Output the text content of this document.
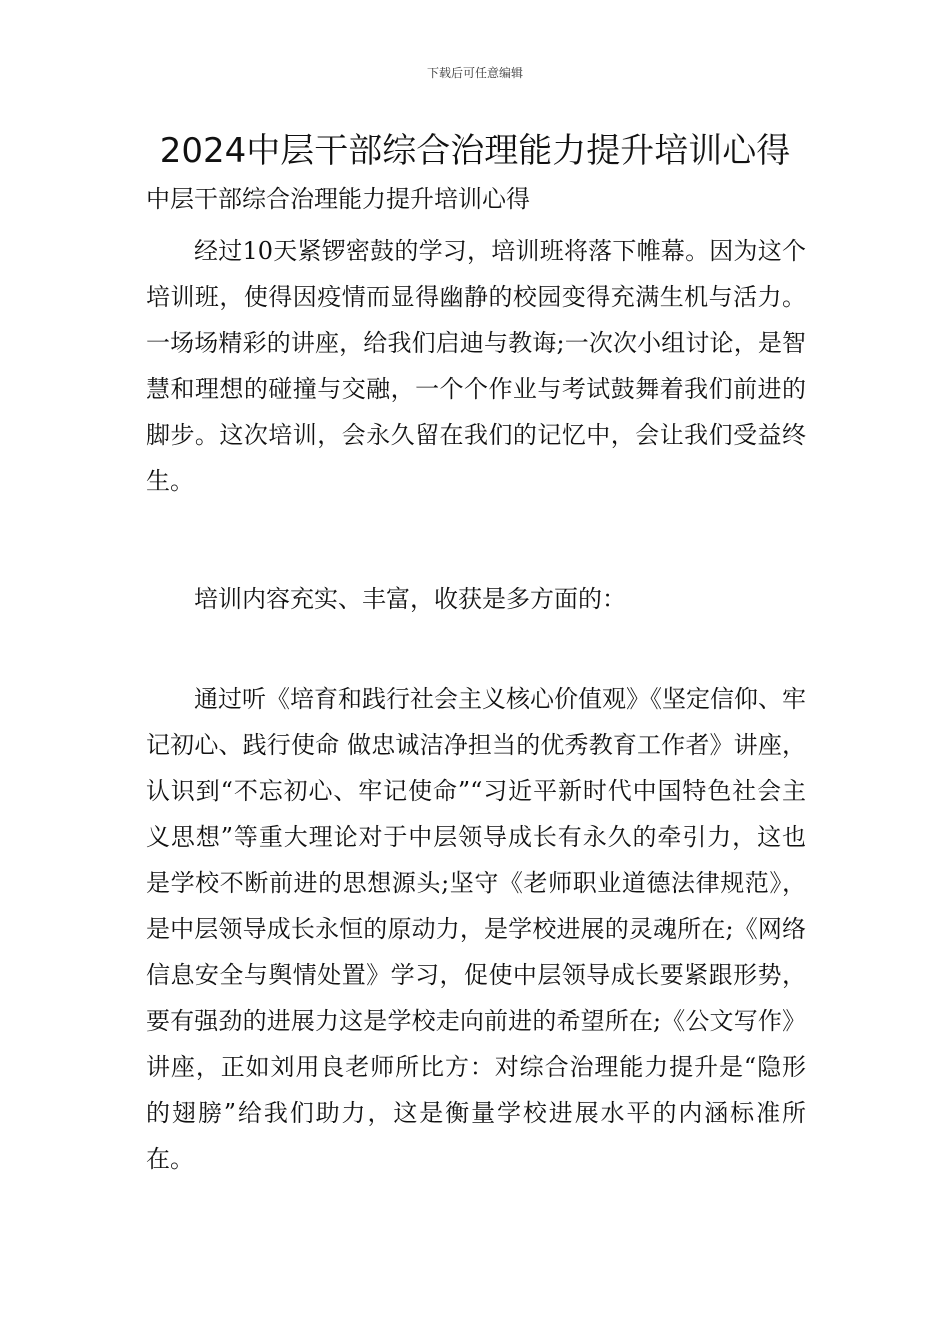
下载后可任意编辑
2024中层干部综合治理能力提升培训心得

中层干部综合治理能力提升培训心得

经过10天紧锣密鼓的学习，培训班将落下帷幕。因为这个培训班，使得因疫情而显得幽静的校园变得充满生机与活力。一场场精彩的讲座，给我们启迪与教诲;一次次小组讨论，是智慧和理想的碰撞与交融，一个个作业与考试鼓舞着我们前进的脚步。这次培训，会永久留在我们的记忆中，会让我们受益终生。

培训内容充实、丰富，收获是多方面的：

通过听《培育和践行社会主义核心价值观》《坚定信仰、牢记初心、践行使命 做忠诚洁净担当的优秀教育工作者》讲座，认识到“不忘初心、牢记使命”“习近平新时代中国特色社会主义思想”等重大理论对于中层领导成长有永久的牵引力，这也是学校不断前进的思想源头;坚守《老师职业道德法律规范》，是中层领导成长永恒的原动力，是学校进展的灵魂所在;《网络信息安全与舆情处置》学习，促使中层领导成长要紧跟形势，要有强劲的进展力这是学校走向前进的希望所在;《公文写作》讲座，正如刘用良老师所比方：对综合治理能力提升是“隐形的翅膀”给我们助力，这是衡量学校进展水平的内涵标准所在。
